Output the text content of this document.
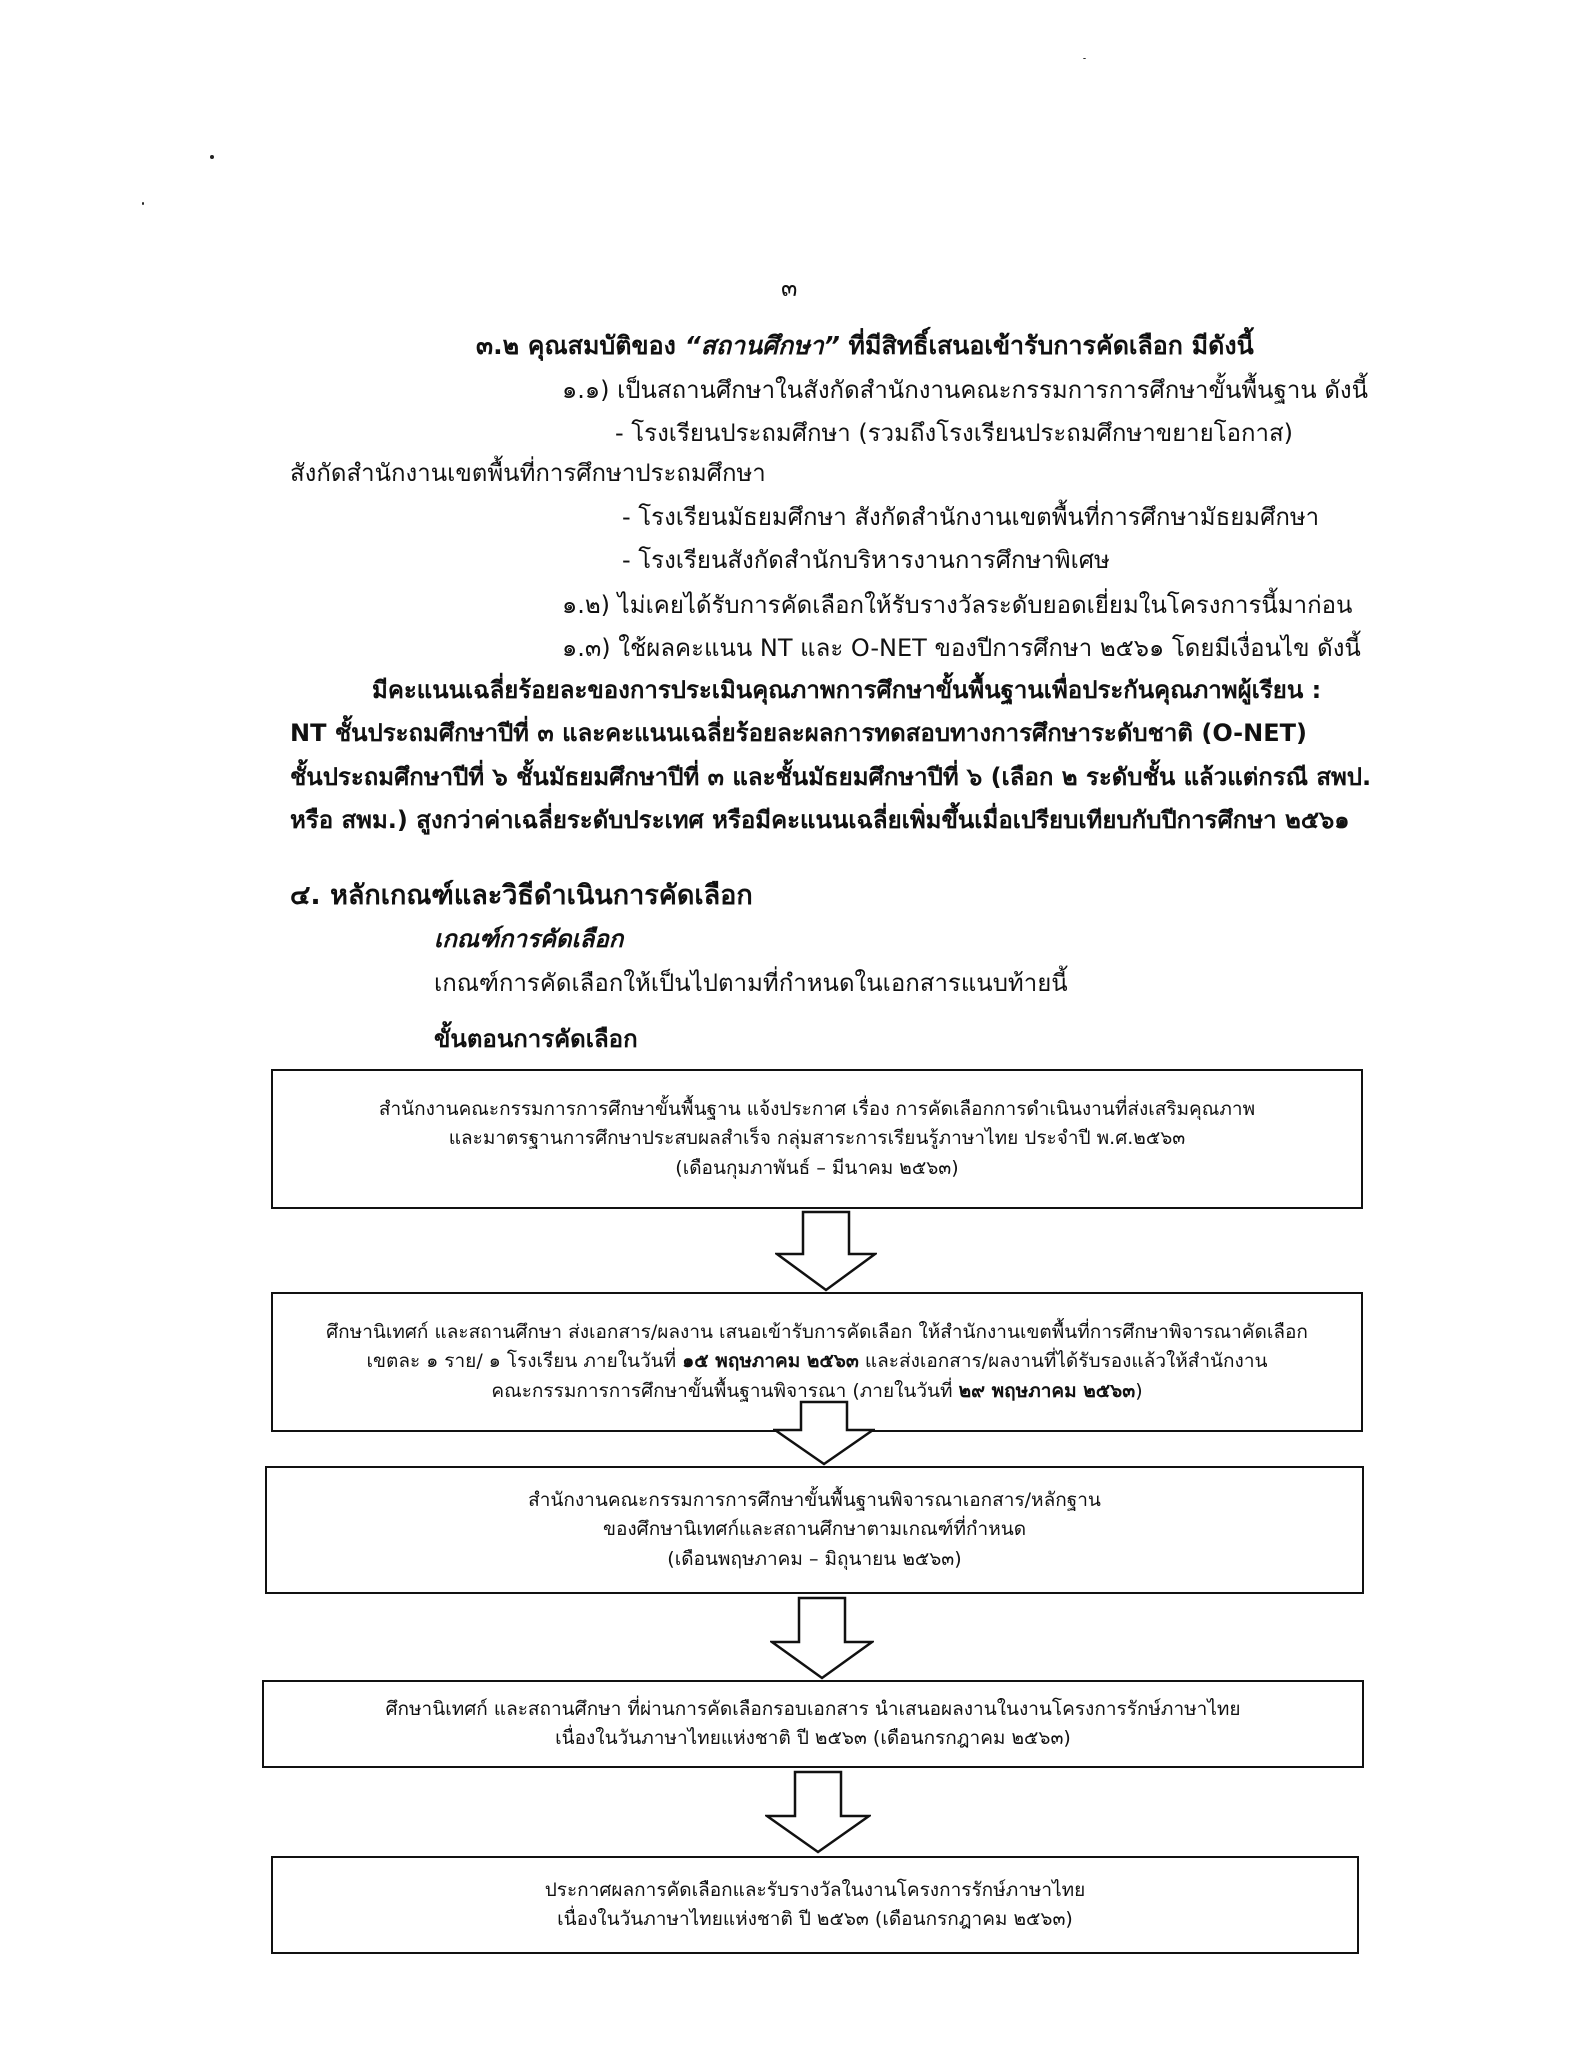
๓
๓.๒ คุณสมบัติของ “สถานศึกษา” ที่มีสิทธิ์เสนอเข้ารับการคัดเลือก มีดังนี้
๑.๑) เป็นสถานศึกษาในสังกัดสำนักงานคณะกรรมการการศึกษาขั้นพื้นฐาน ดังนี้
- โรงเรียนประถมศึกษา (รวมถึงโรงเรียนประถมศึกษาขยายโอกาส)
สังกัดสำนักงานเขตพื้นที่การศึกษาประถมศึกษา
- โรงเรียนมัธยมศึกษา สังกัดสำนักงานเขตพื้นที่การศึกษามัธยมศึกษา
- โรงเรียนสังกัดสำนักบริหารงานการศึกษาพิเศษ
๑.๒) ไม่เคยได้รับการคัดเลือกให้รับรางวัลระดับยอดเยี่ยมในโครงการนี้มาก่อน
๑.๓) ใช้ผลคะแนน NT และ O-NET ของปีการศึกษา ๒๕๖๑ โดยมีเงื่อนไข ดังนี้
มีคะแนนเฉลี่ยร้อยละของการประเมินคุณภาพการศึกษาขั้นพื้นฐานเพื่อประกันคุณภาพผู้เรียน :
NT ชั้นประถมศึกษาปีที่ ๓ และคะแนนเฉลี่ยร้อยละผลการทดสอบทางการศึกษาระดับชาติ (O-NET)
ชั้นประถมศึกษาปีที่ ๖ ชั้นมัธยมศึกษาปีที่ ๓ และชั้นมัธยมศึกษาปีที่ ๖ (เลือก ๒ ระดับชั้น แล้วแต่กรณี สพป.
หรือ สพม.) สูงกว่าค่าเฉลี่ยระดับประเทศ หรือมีคะแนนเฉลี่ยเพิ่มขึ้นเมื่อเปรียบเทียบกับปีการศึกษา ๒๕๖๑
๔. หลักเกณฑ์และวิธีดำเนินการคัดเลือก
เกณฑ์การคัดเลือก
เกณฑ์การคัดเลือกให้เป็นไปตามที่กำหนดในเอกสารแนบท้ายนี้
ขั้นตอนการคัดเลือก
สำนักงานคณะกรรมการการศึกษาขั้นพื้นฐาน แจ้งประกาศ เรื่อง การคัดเลือกการดำเนินงานที่ส่งเสริมคุณภาพ
และมาตรฐานการศึกษาประสบผลสำเร็จ กลุ่มสาระการเรียนรู้ภาษาไทย ประจำปี พ.ศ.๒๕๖๓
(เดือนกุมภาพันธ์ – มีนาคม ๒๕๖๓)
ศึกษานิเทศก์ และสถานศึกษา ส่งเอกสาร/ผลงาน เสนอเข้ารับการคัดเลือก ให้สำนักงานเขตพื้นที่การศึกษาพิจารณาคัดเลือก
เขตละ ๑ ราย/ ๑ โรงเรียน ภายในวันที่ ๑๕ พฤษภาคม ๒๕๖๓ และส่งเอกสาร/ผลงานที่ได้รับรองแล้วให้สำนักงาน
คณะกรรมการการศึกษาขั้นพื้นฐานพิจารณา (ภายในวันที่ ๒๙ พฤษภาคม ๒๕๖๓)
สำนักงานคณะกรรมการการศึกษาขั้นพื้นฐานพิจารณาเอกสาร/หลักฐาน
ของศึกษานิเทศก์และสถานศึกษาตามเกณฑ์ที่กำหนด
(เดือนพฤษภาคม – มิถุนายน ๒๕๖๓)
ศึกษานิเทศก์ และสถานศึกษา ที่ผ่านการคัดเลือกรอบเอกสาร นำเสนอผลงานในงานโครงการรักษ์ภาษาไทย
เนื่องในวันภาษาไทยแห่งชาติ ปี ๒๕๖๓ (เดือนกรกฎาคม ๒๕๖๓)
ประกาศผลการคัดเลือกและรับรางวัลในงานโครงการรักษ์ภาษาไทย
เนื่องในวันภาษาไทยแห่งชาติ ปี ๒๕๖๓ (เดือนกรกฎาคม ๒๕๖๓)
